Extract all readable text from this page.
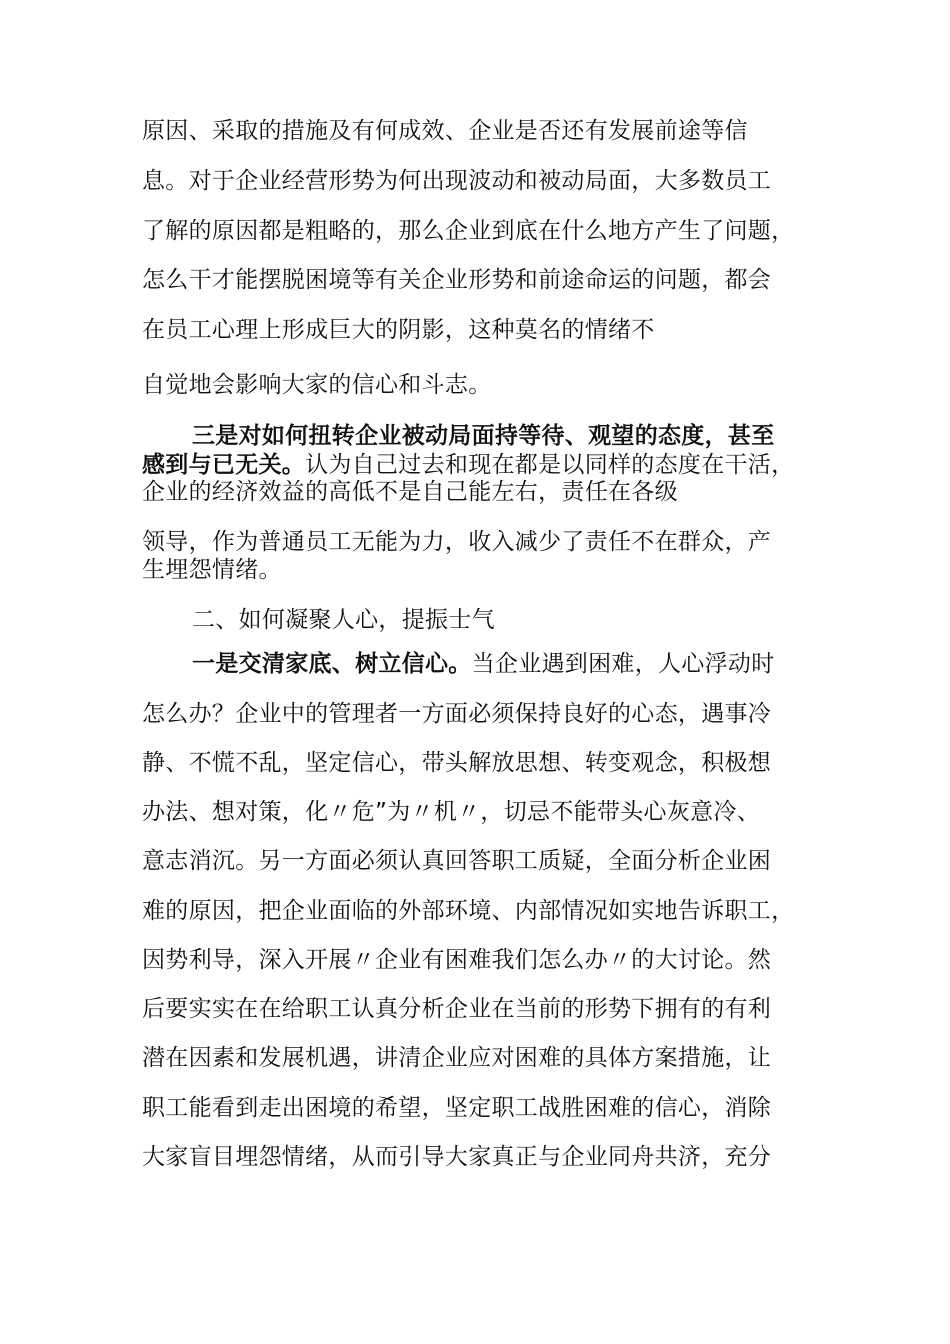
原因、采取的措施及有何成效、企业是否还有发展前途等信
息。对于企业经营形势为何出现波动和被动局面，大多数员工
了解的原因都是粗略的，那么企业到底在什么地方产生了问题，
怎么干才能摆脱困境等有关企业形势和前途命运的问题，都会
在员工心理上形成巨大的阴影，这种莫名的情绪不
自觉地会影响大家的信心和斗志。
三是对如何扭转企业被动局面持等待、观望的态度，甚至
感到与已无关。认为自己过去和现在都是以同样的态度在干活，
企业的经济效益的高低不是自己能左右，责任在各级
领导，作为普通员工无能为力，收入减少了责任不在群众，产
生埋怨情绪。
二、如何凝聚人心，提振士气
一是交清家底、树立信心。当企业遇到困难，人心浮动时
怎么办？企业中的管理者一方面必须保持良好的心态，遇事冷
静、不慌不乱，坚定信心，带头解放思想、转变观念，积极想
办法、想对策，化〃危”为〃机〃，切忌不能带头心灰意冷、
意志消沉。另一方面必须认真回答职工质疑，全面分析企业困
难的原因，把企业面临的外部环境、内部情况如实地告诉职工，
因势利导，深入开展〃企业有困难我们怎么办〃的大讨论。然
后要实实在在给职工认真分析企业在当前的形势下拥有的有利
潜在因素和发展机遇，讲清企业应对困难的具体方案措施，让
职工能看到走出困境的希望，坚定职工战胜困难的信心，消除
大家盲目埋怨情绪，从而引导大家真正与企业同舟共济，充分
